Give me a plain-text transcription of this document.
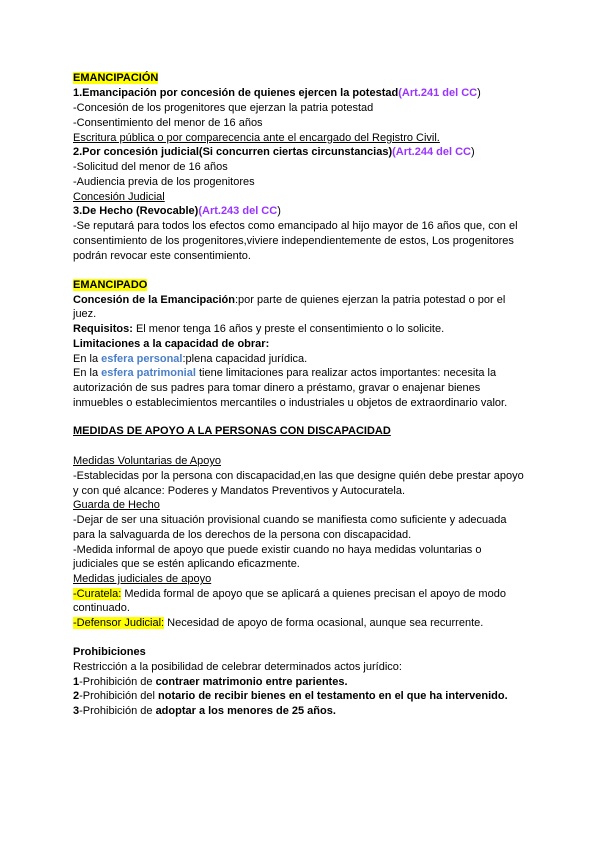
EMANCIPACIÓN
1.Emancipación por concesión de quienes ejercen la potestad(Art.241 del CC)
-Concesión de los progenitores que ejerzan la patria potestad
-Consentimiento del menor de 16 años
Escritura pública o por comparecencia ante el encargado del Registro Civil.
2.Por concesión judicial(Si concurren ciertas circunstancias)(Art.244 del CC)
-Solicitud del menor de 16 años
-Audiencia previa de los progenitores
Concesión Judicial
3.De Hecho (Revocable)(Art.243 del CC)
-Se reputará para todos los efectos como emancipado al hijo mayor de 16 años que, con el
consentimiento de los progenitores,viviere independientemente de estos, Los progenitores
podrán revocar este consentimiento.
EMANCIPADO
Concesión de la Emancipación:por parte de quienes ejerzan la patria potestad o por el
juez.
Requisitos: El menor tenga 16 años y preste el consentimiento o lo solicite.
Limitaciones a la capacidad de obrar:
En la esfera personal:plena capacidad jurídica.
En la esfera patrimonial tiene limitaciones para realizar actos importantes: necesita la
autorización de sus padres para tomar dinero a préstamo, gravar o enajenar bienes
inmuebles o establecimientos mercantiles o industriales u objetos de extraordinario valor.
MEDIDAS DE APOYO A LA PERSONAS CON DISCAPACIDAD
Medidas Voluntarias de Apoyo
-Establecidas por la persona con discapacidad,en las que designe quién debe prestar apoyo
y con qué alcance: Poderes y Mandatos Preventivos y Autocuratela.
Guarda de Hecho
-Dejar de ser una situación provisional cuando se manifiesta como suficiente y adecuada
para la salvaguarda de los derechos de la persona con discapacidad.
-Medida informal de apoyo que puede existir cuando no haya medidas voluntarias o
judiciales que se estén aplicando eficazmente.
Medidas judiciales de apoyo
-Curatela: Medida formal de apoyo que se aplicará a quienes precisan el apoyo de modo
continuado.
-Defensor Judicial: Necesidad de apoyo de forma ocasional, aunque sea recurrente.
Prohibiciones
Restricción a la posibilidad de celebrar determinados actos jurídico:
1-Prohibición de contraer matrimonio entre parientes.
2-Prohibición del notario de recibir bienes en el testamento en el que ha intervenido.
3-Prohibición de adoptar a los menores de 25 años.
